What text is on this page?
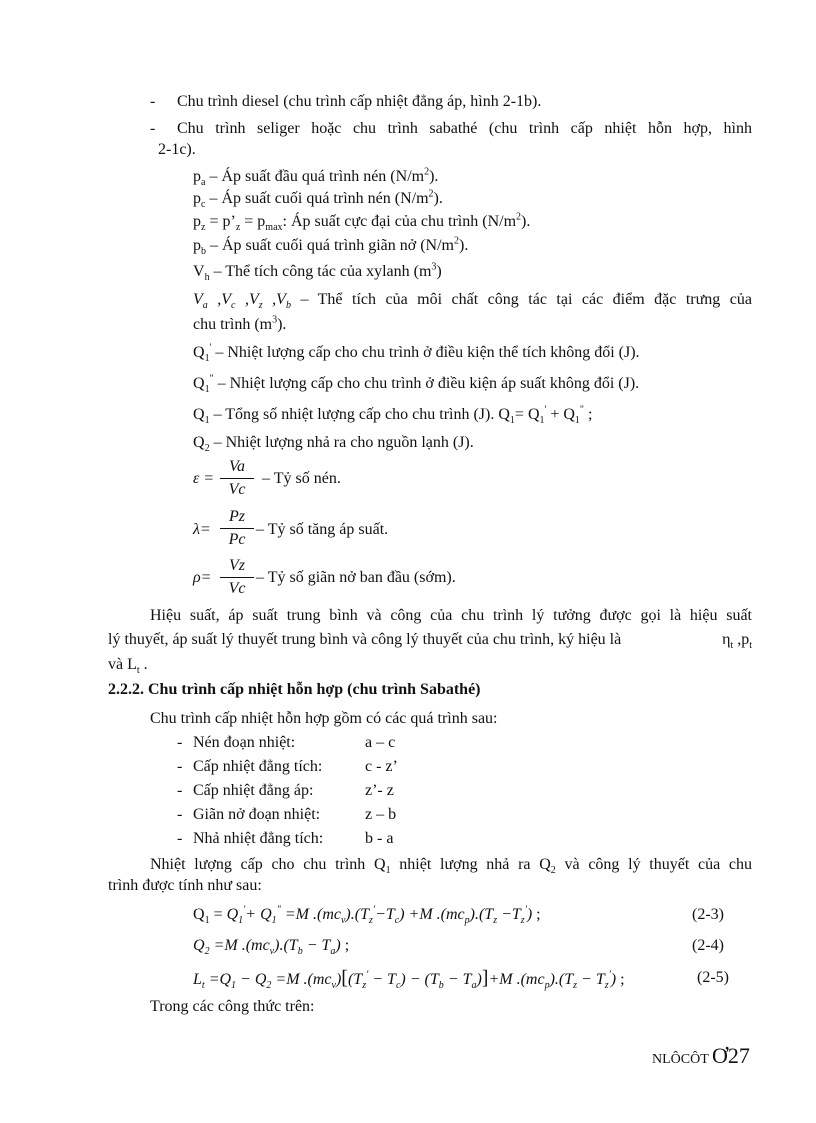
- Chu trình diesel (chu trình cấp nhiệt đẳng áp, hình 2-1b).
- Chu trình seliger hoặc chu trình sabathé (chu trình cấp nhiệt hỗn hợp, hình
2-1c).
$p_a$ – Áp suất đầu quá trình nén $(N/m^2)$.
$p_c$ – Áp suất cuối quá trình nén $(N/m^2)$.
$p_z$ = $p’_z = p_{max}$: Áp suất cực đại của chu trình $(N/m^2)$.
$p_b$ – Áp suất cuối quá trình giãn nở $(N/m^2)$.
$V_h$ – Thể tích công tác của xylanh $(m^3)$
$V_a$ $,V_c$ $,V_z$ $,V_b$ – Thể tích của môi chất công tác tại các điểm đặc trưng của
chu trình $(m^3)$.
$Q_1'$ – Nhiệt lượng cấp cho chu trình ở điều kiện thể tích không đổi (J).
$Q_1^"$ – Nhiệt lượng cấp cho chu trình ở điều kiện áp suất không đổi (J).
$Q_1$ – Tổng số nhiệt lượng cấp cho chu trình (J). $Q_1= Q_1' + Q_1^"$ ;
$Q_2$ – Nhiệt lượng nhả ra cho nguồn lạnh (J).
ε =
Va
Vc
– Tỷ số nén.
λ=
Pz
Pc
– Tỷ số tăng áp suất.
ρ=
Vz
Vc
– Tỷ số giãn nở ban đầu (sớm).
Hiệu suất, áp suất trung bình và công của chu trình lý tưởng được gọi là hiệu suất
lý thuyết, áp suất lý thuyết trung bình và công lý thuyết của chu trình, ký hiệu là	$\eta_t$ $,p_t$
và $L_t$ .
2.2.2. Chu trình cấp nhiệt hỗn hợp (chu trình Sabathé)
Chu trình cấp nhiệt hỗn hợp gồm có các quá trình sau:
- Nén đoạn nhiệt:	a – c
- Cấp nhiệt đẳng tích:	c - z’
- Cấp nhiệt đẳng áp:	z’- z
- Giãn nở đoạn nhiệt:	z – b
- Nhả nhiệt đẳng tích:	b - a
Nhiệt lượng cấp cho chu trình $Q_1$ nhiệt lượng nhả ra $Q_2$ và công lý thuyết của chu
trình được tính như sau:
$Q_1 = Q_1'+ Q_1^" =M$ $.(mc_v).(T_z'-T_c) +M$ $.(mc_p).(T_z -T_z')$ ;	(2-3)
$Q_2 =M$ $.(mc_v).(T_b - T_a)$ ;	(2-4)
$L_t =Q_1 - Q_2 =M$ $.(mc_v)[(T_z' - T_c) - (T_b - T_a)]+M$ $.(mc_p).(T_z - T_z')$ ;	(2-5)
Trong các công thức trên:
NLÔCÔT Ơ27
